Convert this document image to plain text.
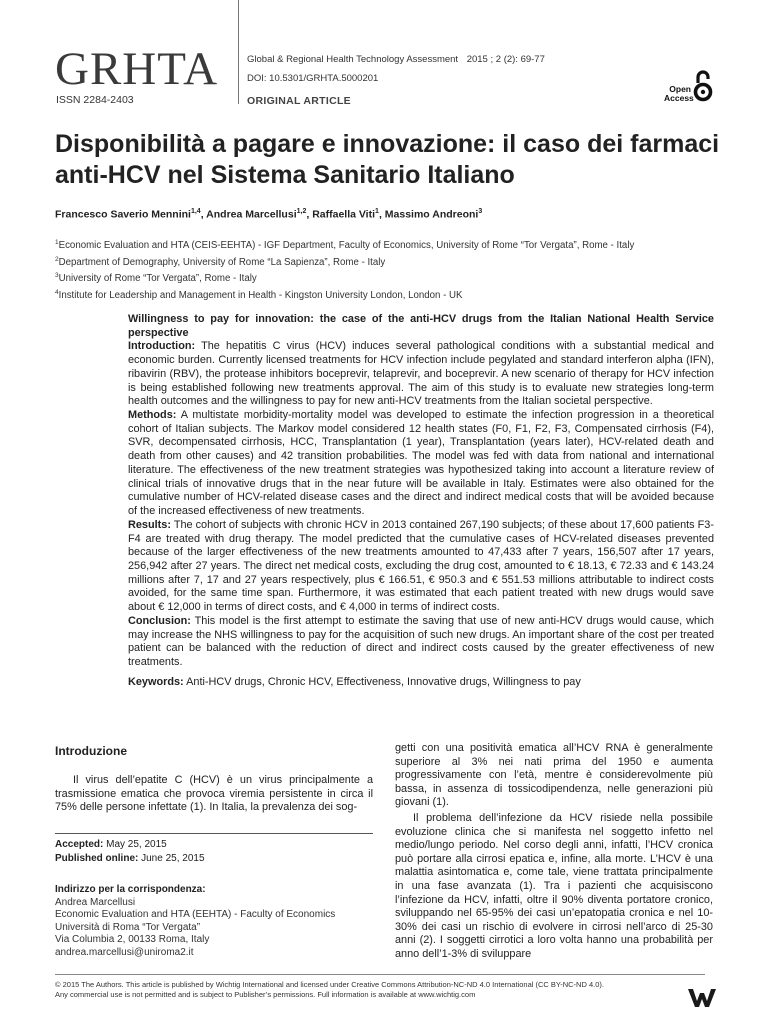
GRHTA
ISSN 2284-2403
Global & Regional Health Technology Assessment 2015 ; 2 (2): 69-77
DOI: 10.5301/GRHTA.5000201
ORIGINAL ARTICLE
Open
Access
Disponibilità a pagare e innovazione: il caso dei farmaci anti-HCV nel Sistema Sanitario Italiano
Francesco Saverio Mennini$^{1,4}$, Andrea Marcellusi$^{1,2}$, Raffaella Viti$^1$, Massimo Andreoni$^3$
$^1$Economic Evaluation and HTA (CEIS-EEHTA) - IGF Department, Faculty of Economics, University of Rome “Tor Vergata”, Rome - Italy
$^2$Department of Demography, University of Rome “La Sapienza”, Rome - Italy
$^3$University of Rome “Tor Vergata”, Rome - Italy
$^4$Institute for Leadership and Management in Health - Kingston University London, London - UK

Willingness to pay for innovation: the case of the anti-HCV drugs from the Italian National Health Service perspective

Introduction: The hepatitis C virus (HCV) induces several pathological conditions with a substantial medical and economic burden. Currently licensed treatments for HCV infection include pegylated and standard interferon alpha (IFN), ribavirin (RBV), the protease inhibitors boceprevir, telaprevir, and boceprevir. A new scenario of therapy for HCV infection is being established following new treatments approval. The aim of this study is to evaluate new strategies long-term health outcomes and the willingness to pay for new anti-HCV treatments from the Italian societal perspective.

Methods: A multistate morbidity-mortality model was developed to estimate the infection progression in a theoretical cohort of Italian subjects. The Markov model considered 12 health states (F0, F1, F2, F3, Compensated cirrhosis (F4), SVR, decompensated cirrhosis, HCC, Transplantation (1 year), Transplantation (years later), HCV-related death and death from other causes) and 42 transition probabilities. The model was fed with data from national and international literature. The effectiveness of the new treatment strategies was hypothesized taking into account a literature review of clinical trials of innovative drugs that in the near future will be available in Italy. Estimates were also obtained for the cumulative number of HCV-related disease cases and the direct and indirect medical costs that will be avoided because of the increased effectiveness of new treatments.

Results: The cohort of subjects with chronic HCV in 2013 contained 267,190 subjects; of these about 17,600 patients F3-F4 are treated with drug therapy. The model predicted that the cumulative cases of HCV-related diseases prevented because of the larger effectiveness of the new treatments amounted to 47,433 after 7 years, 156,507 after 17 years, 256,942 after 27 years. The direct net medical costs, excluding the drug cost, amounted to € 18.13, € 72.33 and € 143.24 millions after 7, 17 and 27 years respectively, plus € 166.51, € 950.3 and € 551.53 millions attributable to indirect costs avoided, for the same time span. Furthermore, it was estimated that each patient treated with new drugs would save about € 12,000 in terms of direct costs, and € 4,000 in terms of indirect costs.

Conclusion: This model is the first attempt to estimate the saving that use of new anti-HCV drugs would cause, which may increase the NHS willingness to pay for the acquisition of such new drugs. An important share of the cost per treated patient can be balanced with the reduction of direct and indirect costs caused by the greater effectiveness of new treatments.

Keywords: Anti-HCV drugs, Chronic HCV, Effectiveness, Innovative drugs, Willingness to pay

Introduzione

Il virus dell’epatite C (HCV) è un virus principalmente a trasmissione ematica che provoca viremia persistente in circa il 75% delle persone infettate (1). In Italia, la prevalenza dei sog-

Accepted: May 25, 2015
Published online: June 25, 2015
Indirizzo per la corrispondenza:
Andrea Marcellusi
Economic Evaluation and HTA (EEHTA) - Faculty of Economics
Università di Roma “Tor Vergata”
Via Columbia 2, 00133 Roma, Italy
andrea.marcellusi@uniroma2.it

getti con una positività ematica all’HCV RNA è generalmente superiore al 3% nei nati prima del 1950 e aumenta progressivamente con l’età, mentre è considerevolmente più bassa, in assenza di tossicodipendenza, nelle generazioni più giovani (1).

Il problema dell’infezione da HCV risiede nella possibile evoluzione clinica che si manifesta nel soggetto infetto nel medio/lungo periodo. Nel corso degli anni, infatti, l’HCV cronica può portare alla cirrosi epatica e, infine, alla morte. L’HCV è una malattia asintomatica e, come tale, viene trattata principalmente in una fase avanzata (1). Tra i pazienti che acquisiscono l’infezione da HCV, infatti, oltre il 90% diventa portatore cronico, sviluppando nel 65-95% dei casi un’epatopatia cronica e nel 10-30% dei casi un rischio di evolvere in cirrosi nell’arco di 25-30 anni (2). I soggetti cirrotici a loro volta hanno una probabilità per anno dell’1-3% di sviluppare

© 2015 The Authors. This article is published by Wichtig International and licensed under Creative Commons Attribution-NC-ND 4.0 International (CC BY-NC-ND 4.0).
Any commercial use is not permitted and is subject to Publisher’s permissions. Full information is available at www.wichtig.com
